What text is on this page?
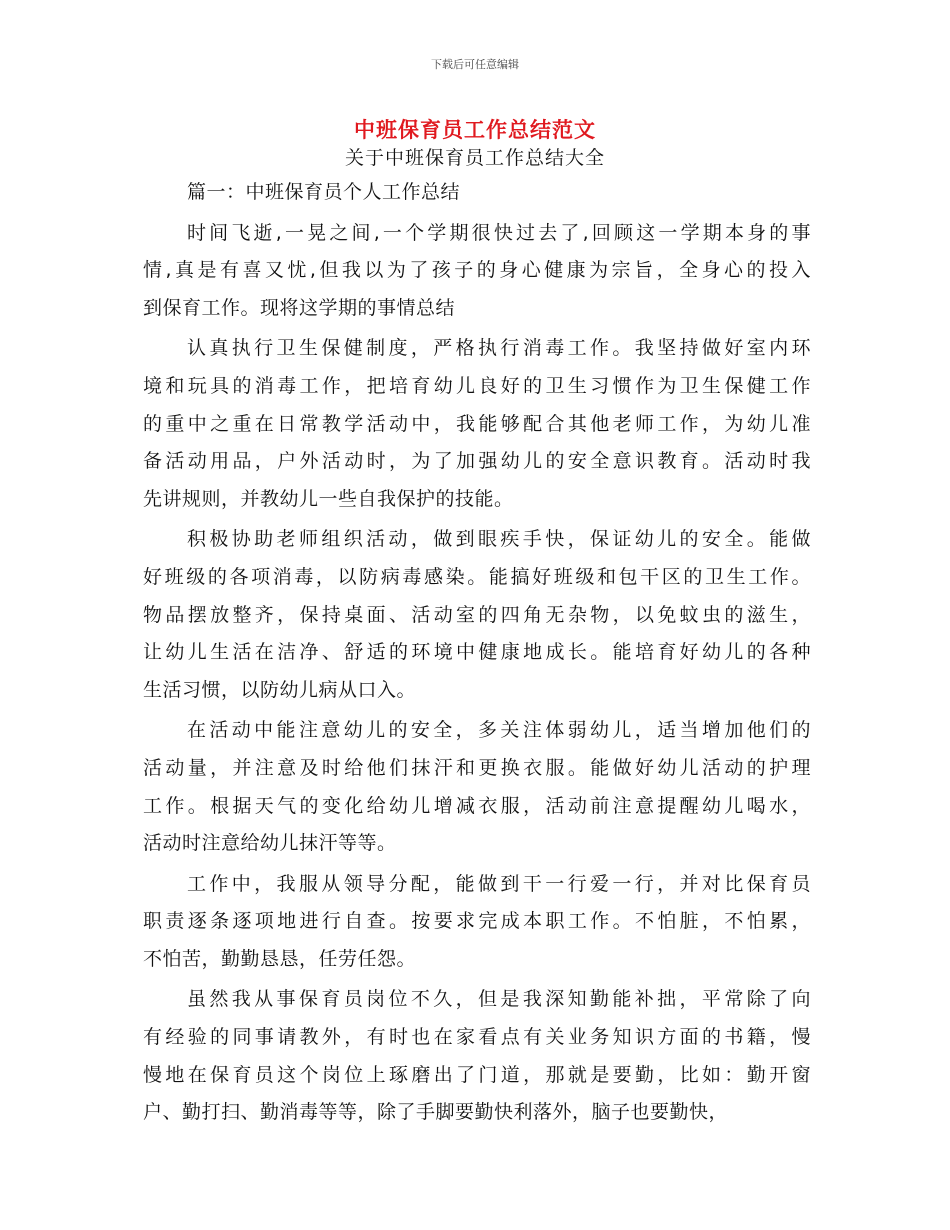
下载后可任意编辑
中班保育员工作总结范文
关于中班保育员工作总结大全
篇一：中班保育员个人工作总结
时间飞逝,一晃之间,一个学期很快过去了,回顾这一学期本身的事
情,真是有喜又忧,但我以为了孩子的身心健康为宗旨，全身心的投入
到保育工作。现将这学期的事情总结
认真执行卫生保健制度，严格执行消毒工作。我坚持做好室内环
境和玩具的消毒工作，把培育幼儿良好的卫生习惯作为卫生保健工作
的重中之重在日常教学活动中，我能够配合其他老师工作，为幼儿准
备活动用品，户外活动时，为了加强幼儿的安全意识教育。活动时我
先讲规则，并教幼儿一些自我保护的技能。
积极协助老师组织活动，做到眼疾手快，保证幼儿的安全。能做
好班级的各项消毒，以防病毒感染。能搞好班级和包干区的卫生工作。
物品摆放整齐，保持桌面、活动室的四角无杂物，以免蚊虫的滋生，
让幼儿生活在洁净、舒适的环境中健康地成长。能培育好幼儿的各种
生活习惯，以防幼儿病从口入。
在活动中能注意幼儿的安全，多关注体弱幼儿，适当增加他们的
活动量，并注意及时给他们抹汗和更换衣服。能做好幼儿活动的护理
工作。根据天气的变化给幼儿增减衣服，活动前注意提醒幼儿喝水，
活动时注意给幼儿抹汗等等。
工作中，我服从领导分配，能做到干一行爱一行，并对比保育员
职责逐条逐项地进行自查。按要求完成本职工作。不怕脏，不怕累，
不怕苦，勤勤恳恳，任劳任怨。
虽然我从事保育员岗位不久，但是我深知勤能补拙，平常除了向
有经验的同事请教外，有时也在家看点有关业务知识方面的书籍，慢
慢地在保育员这个岗位上琢磨出了门道，那就是要勤，比如：勤开窗
户、勤打扫、勤消毒等等，除了手脚要勤快利落外，脑子也要勤快，
